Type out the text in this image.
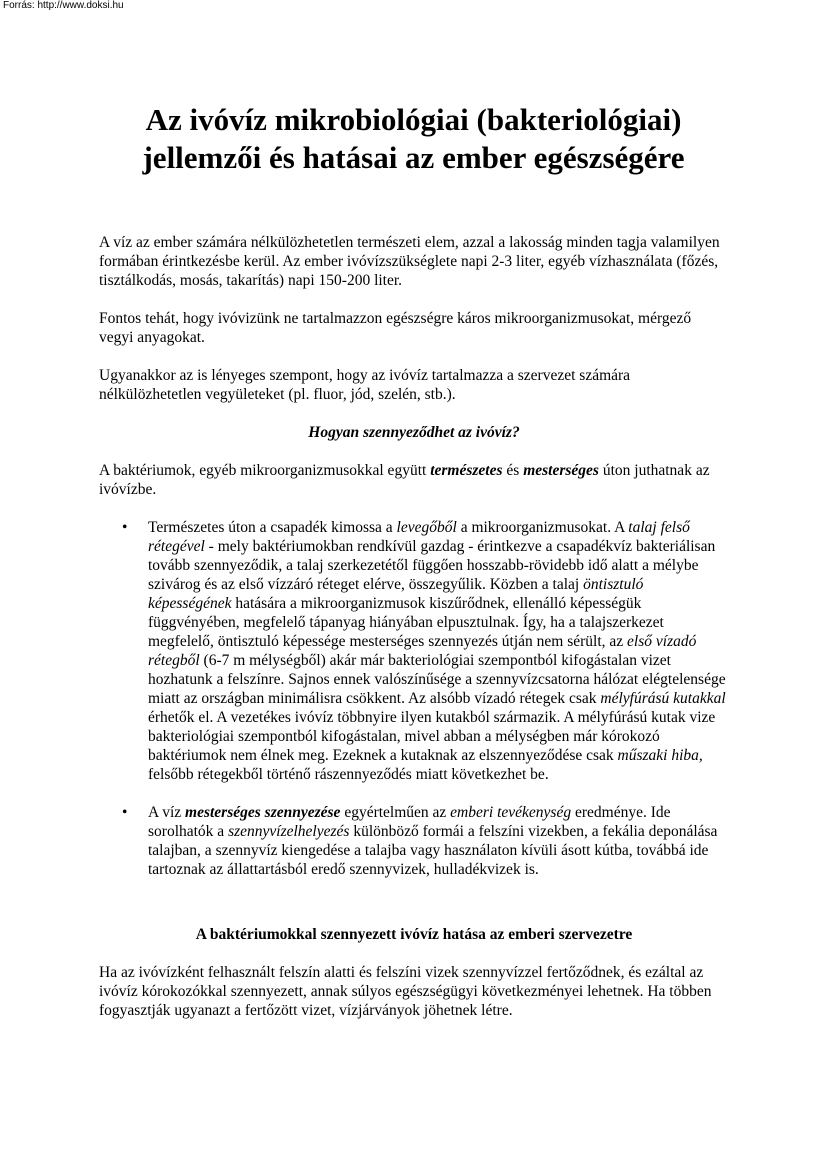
Forrás: http://www.doksi.hu
Az ivóvíz mikrobiológiai (bakteriológiai)
jellemzői és hatásai az ember egészségére

A víz az ember számára nélkülözhetetlen természeti elem, azzal a lakosság minden tagja valamilyen formában érintkezésbe kerül. Az ember ivóvízszükséglete napi 2-3 liter, egyéb vízhasználata (főzés, tisztálkodás, mosás, takarítás) napi 150-200 liter.

Fontos tehát, hogy ivóvizünk ne tartalmazzon egészségre káros mikroorganizmusokat, mérgező vegyi anyagokat.

Ugyanakkor az is lényeges szempont, hogy az ivóvíz tartalmazza a szervezet számára nélkülözhetetlen vegyületeket (pl. fluor, jód, szelén, stb.).

Hogyan szennyeződhet az ivóvíz?

A baktériumok, egyéb mikroorganizmusokkal együtt természetes és mesterséges úton juthatnak az ivóvízbe.

• Természetes úton a csapadék kimossa a levegőből a mikroorganizmusokat. A talaj felső rétegével - mely baktériumokban rendkívül gazdag - érintkezve a csapadékvíz bakteriálisan tovább szennyeződik, a talaj szerkezetétől függően hosszabb-rövidebb idő alatt a mélybe szivárog és az első vízzáró réteget elérve, összegyűlik. Közben a talaj öntisztuló képességének hatására a mikroorganizmusok kiszűrődnek, ellenálló képességük függvényében, megfelelő tápanyag hiányában elpusztulnak. Így, ha a talajszerkezet megfelelő, öntisztuló képessége mesterséges szennyezés útján nem sérült, az első vízadó rétegből (6-7 m mélységből) akár már bakteriológiai szempontból kifogástalan vizet hozhatunk a felszínre. Sajnos ennek valószínűsége a szennyvízcsatorna hálózat elégtelensége miatt az országban minimálisra csökkent. Az alsóbb vízadó rétegek csak mélyfúrású kutakkal érhetők el. A vezetékes ivóvíz többnyire ilyen kutakból származik. A mélyfúrású kutak vize bakteriológiai szempontból kifogástalan, mivel abban a mélységben már kórokozó baktériumok nem élnek meg. Ezeknek a kutaknak az elszennyeződése csak műszaki hiba, felsőbb rétegekből történő rászennyeződés miatt következhet be.
• A víz mesterséges szennyezése egyértelműen az emberi tevékenység eredménye. Ide sorolhatók a szennyvízelhelyezés különböző formái a felszíni vizekben, a fekália deponálása talajban, a szennyvíz kiengedése a talajba vagy használaton kívüli ásott kútba, továbbá ide tartoznak az állattartásból eredő szennyvizek, hulladékvizek is.

A baktériumokkal szennyezett ivóvíz hatása az emberi szervezetre

Ha az ivóvízként felhasznált felszín alatti és felszíni vizek szennyvízzel fertőződnek, és ezáltal az ivóvíz kórokozókkal szennyezett, annak súlyos egészségügyi következményei lehetnek. Ha többen fogyasztják ugyanazt a fertőzött vizet, vízjárványok jöhetnek létre.
